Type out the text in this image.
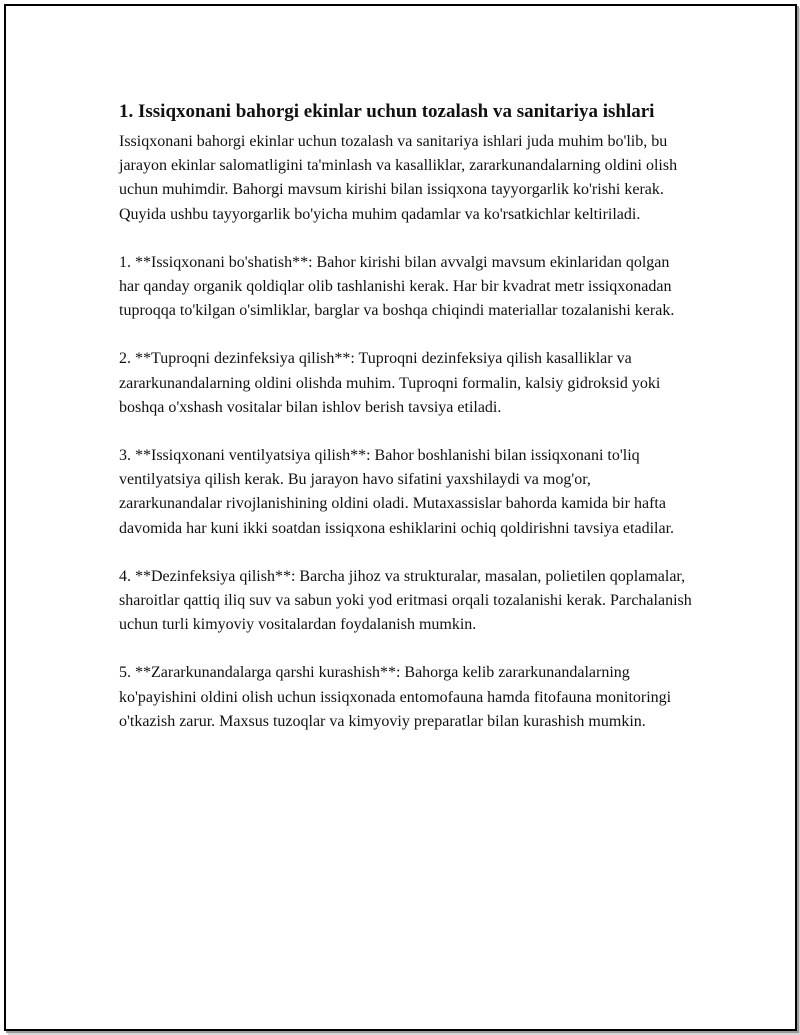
1. Issiqxonani bahorgi ekinlar uchun tozalash va sanitariya ishlari

Issiqxonani bahorgi ekinlar uchun tozalash va sanitariya ishlari juda muhim bo'lib, bu jarayon ekinlar salomatligini ta'minlash va kasalliklar, zararkunandalarning oldini olish uchun muhimdir. Bahorgi mavsum kirishi bilan issiqxona tayyorgarlik ko'rishi kerak. Quyida ushbu tayyorgarlik bo'yicha muhim qadamlar va ko'rsatkichlar keltiriladi.

1. **Issiqxonani bo'shatish**: Bahor kirishi bilan avvalgi mavsum ekinlaridan qolgan har qanday organik qoldiqlar olib tashlanishi kerak. Har bir kvadrat metr issiqxonadan tuproqqa to'kilgan o'simliklar, barglar va boshqa chiqindi materiallar tozalanishi kerak.

2. **Tuproqni dezinfeksiya qilish**: Tuproqni dezinfeksiya qilish kasalliklar va zararkunandalarning oldini olishda muhim. Tuproqni formalin, kalsiy gidroksid yoki boshqa o'xshash vositalar bilan ishlov berish tavsiya etiladi.

3. **Issiqxonani ventilyatsiya qilish**: Bahor boshlanishi bilan issiqxonani to'liq ventilyatsiya qilish kerak. Bu jarayon havo sifatini yaxshilaydi va mog'or, zararkunandalar rivojlanishining oldini oladi. Mutaxassislar bahorda kamida bir hafta davomida har kuni ikki soatdan issiqxona eshiklarini ochiq qoldirishni tavsiya etadilar.

4. **Dezinfeksiya qilish**: Barcha jihoz va strukturalar, masalan, polietilen qoplamalar, sharoitlar qattiq iliq suv va sabun yoki yod eritmasi orqali tozalanishi kerak. Parchalanish uchun turli kimyoviy vositalardan foydalanish mumkin.

5. **Zararkunandalarga qarshi kurashish**: Bahorga kelib zararkunandalarning ko'payishini oldini olish uchun issiqxonada entomofauna hamda fitofauna monitoringi o'tkazish zarur. Maxsus tuzoqlar va kimyoviy preparatlar bilan kurashish mumkin.
